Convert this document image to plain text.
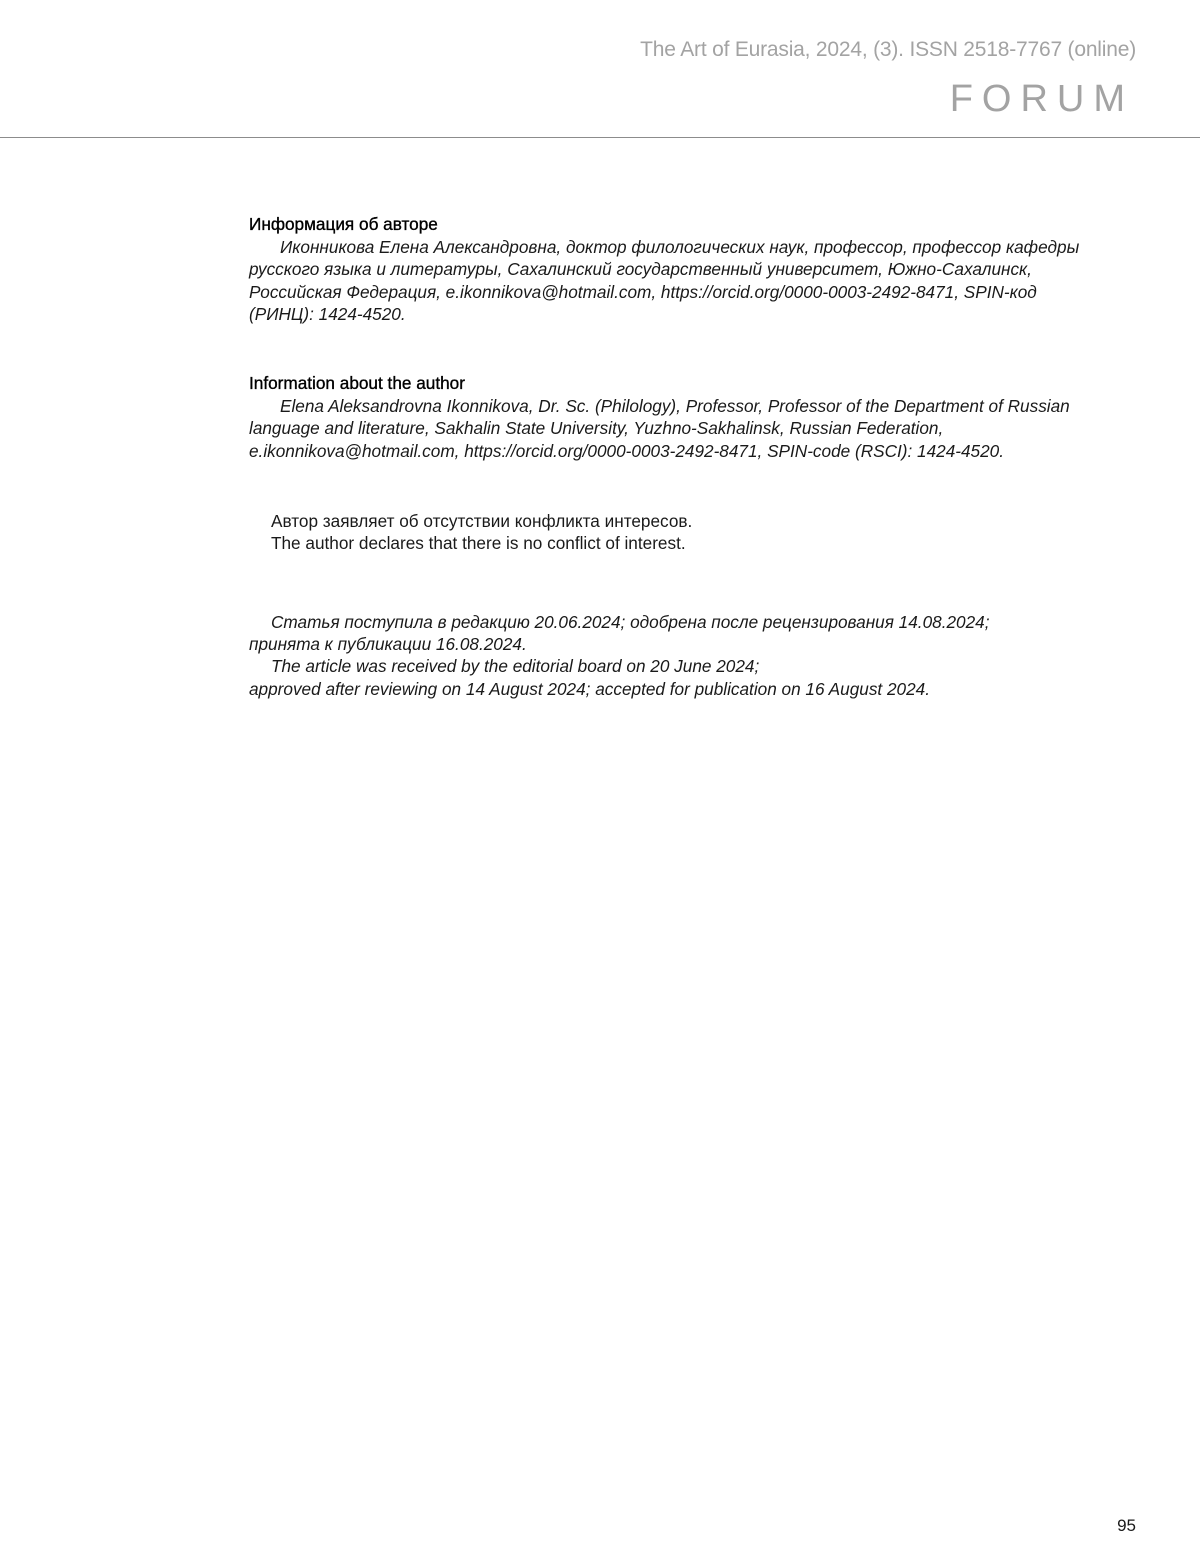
The Art of Eurasia, 2024, (3). ISSN 2518-7767 (online)
FORUM
Информация об авторе
Иконникова Елена Александровна, доктор филологических наук, профессор, профессор кафедры
русского языка и литературы, Сахалинский государственный университет, Южно-Сахалинск,
Российская Федерация, e.ikonnikova@hotmail.com, https://orcid.org/0000-0003-2492-8471, SPIN-код
(РИНЦ): 1424-4520.
Information about the author
Elena Aleksandrovna Ikonnikova, Dr. Sc. (Philology), Professor, Professor of the Department of Russian
language and literature, Sakhalin State University, Yuzhno-Sakhalinsk, Russian Federation,
e.ikonnikova@hotmail.com, https://orcid.org/0000-0003-2492-8471, SPIN-code (RSCI): 1424-4520.
Автор заявляет об отсутствии конфликта интересов.
The author declares that there is no conflict of interest.
Статья поступила в редакцию 20.06.2024; одобрена после рецензирования 14.08.2024;
принята к публикации 16.08.2024.
The article was received by the editorial board on 20 June 2024;
approved after reviewing on 14 August 2024; accepted for publication on 16 August 2024.
95
